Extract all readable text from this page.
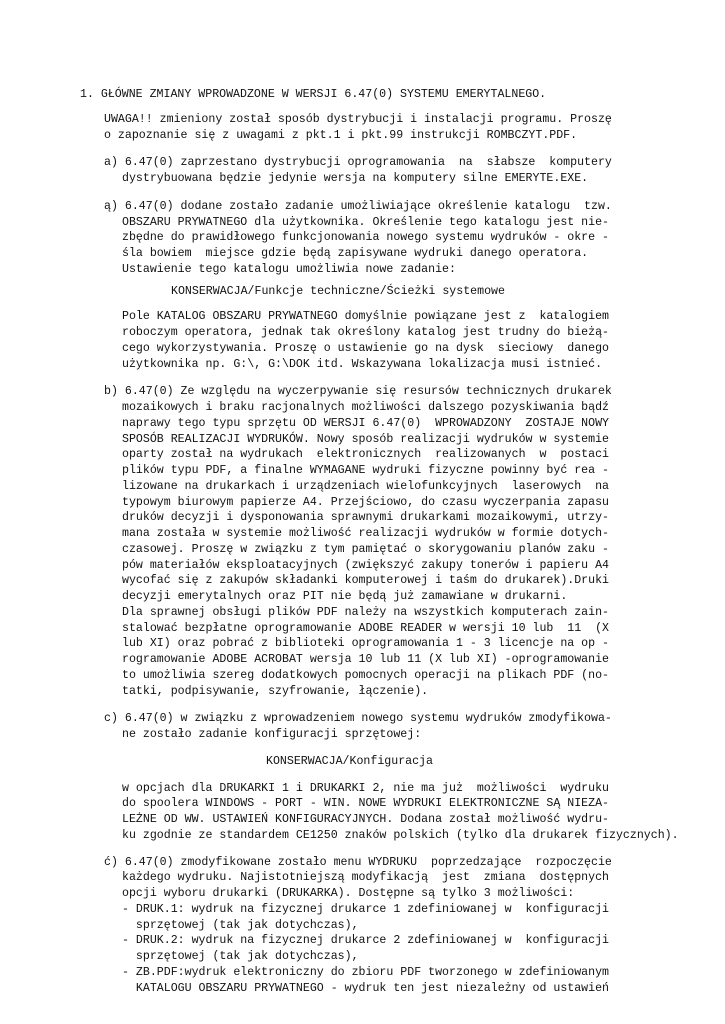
1. GŁÓWNE ZMIANY WPROWADZONE W WERSJI 6.47(0) SYSTEMU EMERYTALNEGO.
UWAGA!! zmieniony został sposób dystrybucji i instalacji programu. Proszę
o zapoznanie się z uwagami z pkt.1 i pkt.99 instrukcji ROMBCZYT.PDF.
a) 6.47(0) zaprzestano dystrybucji oprogramowania  na  słabsze  komputery
dystrybuowana będzie jedynie wersja na komputery silne EMERYTE.EXE.
ą) 6.47(0) dodane zostało zadanie umożliwiające określenie katalogu  tzw.
OBSZARU PRYWATNEGO dla użytkownika. Określenie tego katalogu jest nie-
zbędne do prawidłowego funkcjonowania nowego systemu wydruków - okre -
śla bowiem  miejsce gdzie będą zapisywane wydruki danego operatora.
Ustawienie tego katalogu umożliwia nowe zadanie:
KONSERWACJA/Funkcje techniczne/Ścieżki systemowe
Pole KATALOG OBSZARU PRYWATNEGO domyślnie powiązane jest z  katalogiem
roboczym operatora, jednak tak określony katalog jest trudny do bieżą-
cego wykorzystywania. Proszę o ustawienie go na dysk  sieciowy  danego
użytkownika np. G:\, G:\DOK itd. Wskazywana lokalizacja musi istnieć.
b) 6.47(0) Ze względu na wyczerpywanie się resursów technicznych drukarek
mozaikowych i braku racjonalnych możliwości dalszego pozyskiwania bądź
naprawy tego typu sprzętu OD WERSJI 6.47(0)  WPROWADZONY  ZOSTAJE NOWY
SPOSÓB REALIZACJI WYDRUKÓW. Nowy sposób realizacji wydruków w systemie
oparty został na wydrukach  elektronicznych  realizowanych  w  postaci
plików typu PDF, a finalne WYMAGANE wydruki fizyczne powinny być rea -
lizowane na drukarkach i urządzeniach wielofunkcyjnych  laserowych  na
typowym biurowym papierze A4. Przejściowo, do czasu wyczerpania zapasu
druków decyzji i dysponowania sprawnymi drukarkami mozaikowymi, utrzy-
mana została w systemie możliwość realizacji wydruków w formie dotych-
czasowej. Proszę w związku z tym pamiętać o skorygowaniu planów zaku -
pów materiałów eksploatacyjnych (zwiększyć zakupy tonerów i papieru A4
wycofać się z zakupów składanki komputerowej i taśm do drukarek).Druki
decyzji emerytalnych oraz PIT nie będą już zamawiane w drukarni.
Dla sprawnej obsługi plików PDF należy na wszystkich komputerach zain-
stalować bezpłatne oprogramowanie ADOBE READER w wersji 10 lub  11  (X
lub XI) oraz pobrać z biblioteki oprogramowania 1 - 3 licencje na op -
rogramowanie ADOBE ACROBAT wersja 10 lub 11 (X lub XI) -oprogramowanie
to umożliwia szereg dodatkowych pomocnych operacji na plikach PDF (no-
tatki, podpisywanie, szyfrowanie, łączenie).
c) 6.47(0) w związku z wprowadzeniem nowego systemu wydruków zmodyfikowa-
ne zostało zadanie konfiguracji sprzętowej:
KONSERWACJA/Konfiguracja
w opcjach dla DRUKARKI 1 i DRUKARKI 2, nie ma już  możliwości  wydruku
do spoolera WINDOWS - PORT - WIN. NOWE WYDRUKI ELEKTRONICZNE SĄ NIEZA-
LEŻNE OD WW. USTAWIEŃ KONFIGURACYJNYCH. Dodana został możliwość wydru-
ku zgodnie ze standardem CE1250 znaków polskich (tylko dla drukarek fizycznych).
ć) 6.47(0) zmodyfikowane zostało menu WYDRUKU  poprzedzające  rozpoczęcie
każdego wydruku. Najistotniejszą modyfikacją  jest  zmiana  dostępnych
opcji wyboru drukarki (DRUKARKA). Dostępne są tylko 3 możliwości:
- DRUK.1: wydruk na fizycznej drukarce 1 zdefiniowanej w  konfiguracji
sprzętowej (tak jak dotychczas),
- DRUK.2: wydruk na fizycznej drukarce 2 zdefiniowanej w  konfiguracji
sprzętowej (tak jak dotychczas),
- ZB.PDF:wydruk elektroniczny do zbioru PDF tworzonego w zdefiniowanym
KATALOGU OBSZARU PRYWATNEGO - wydruk ten jest niezależny od ustawień
